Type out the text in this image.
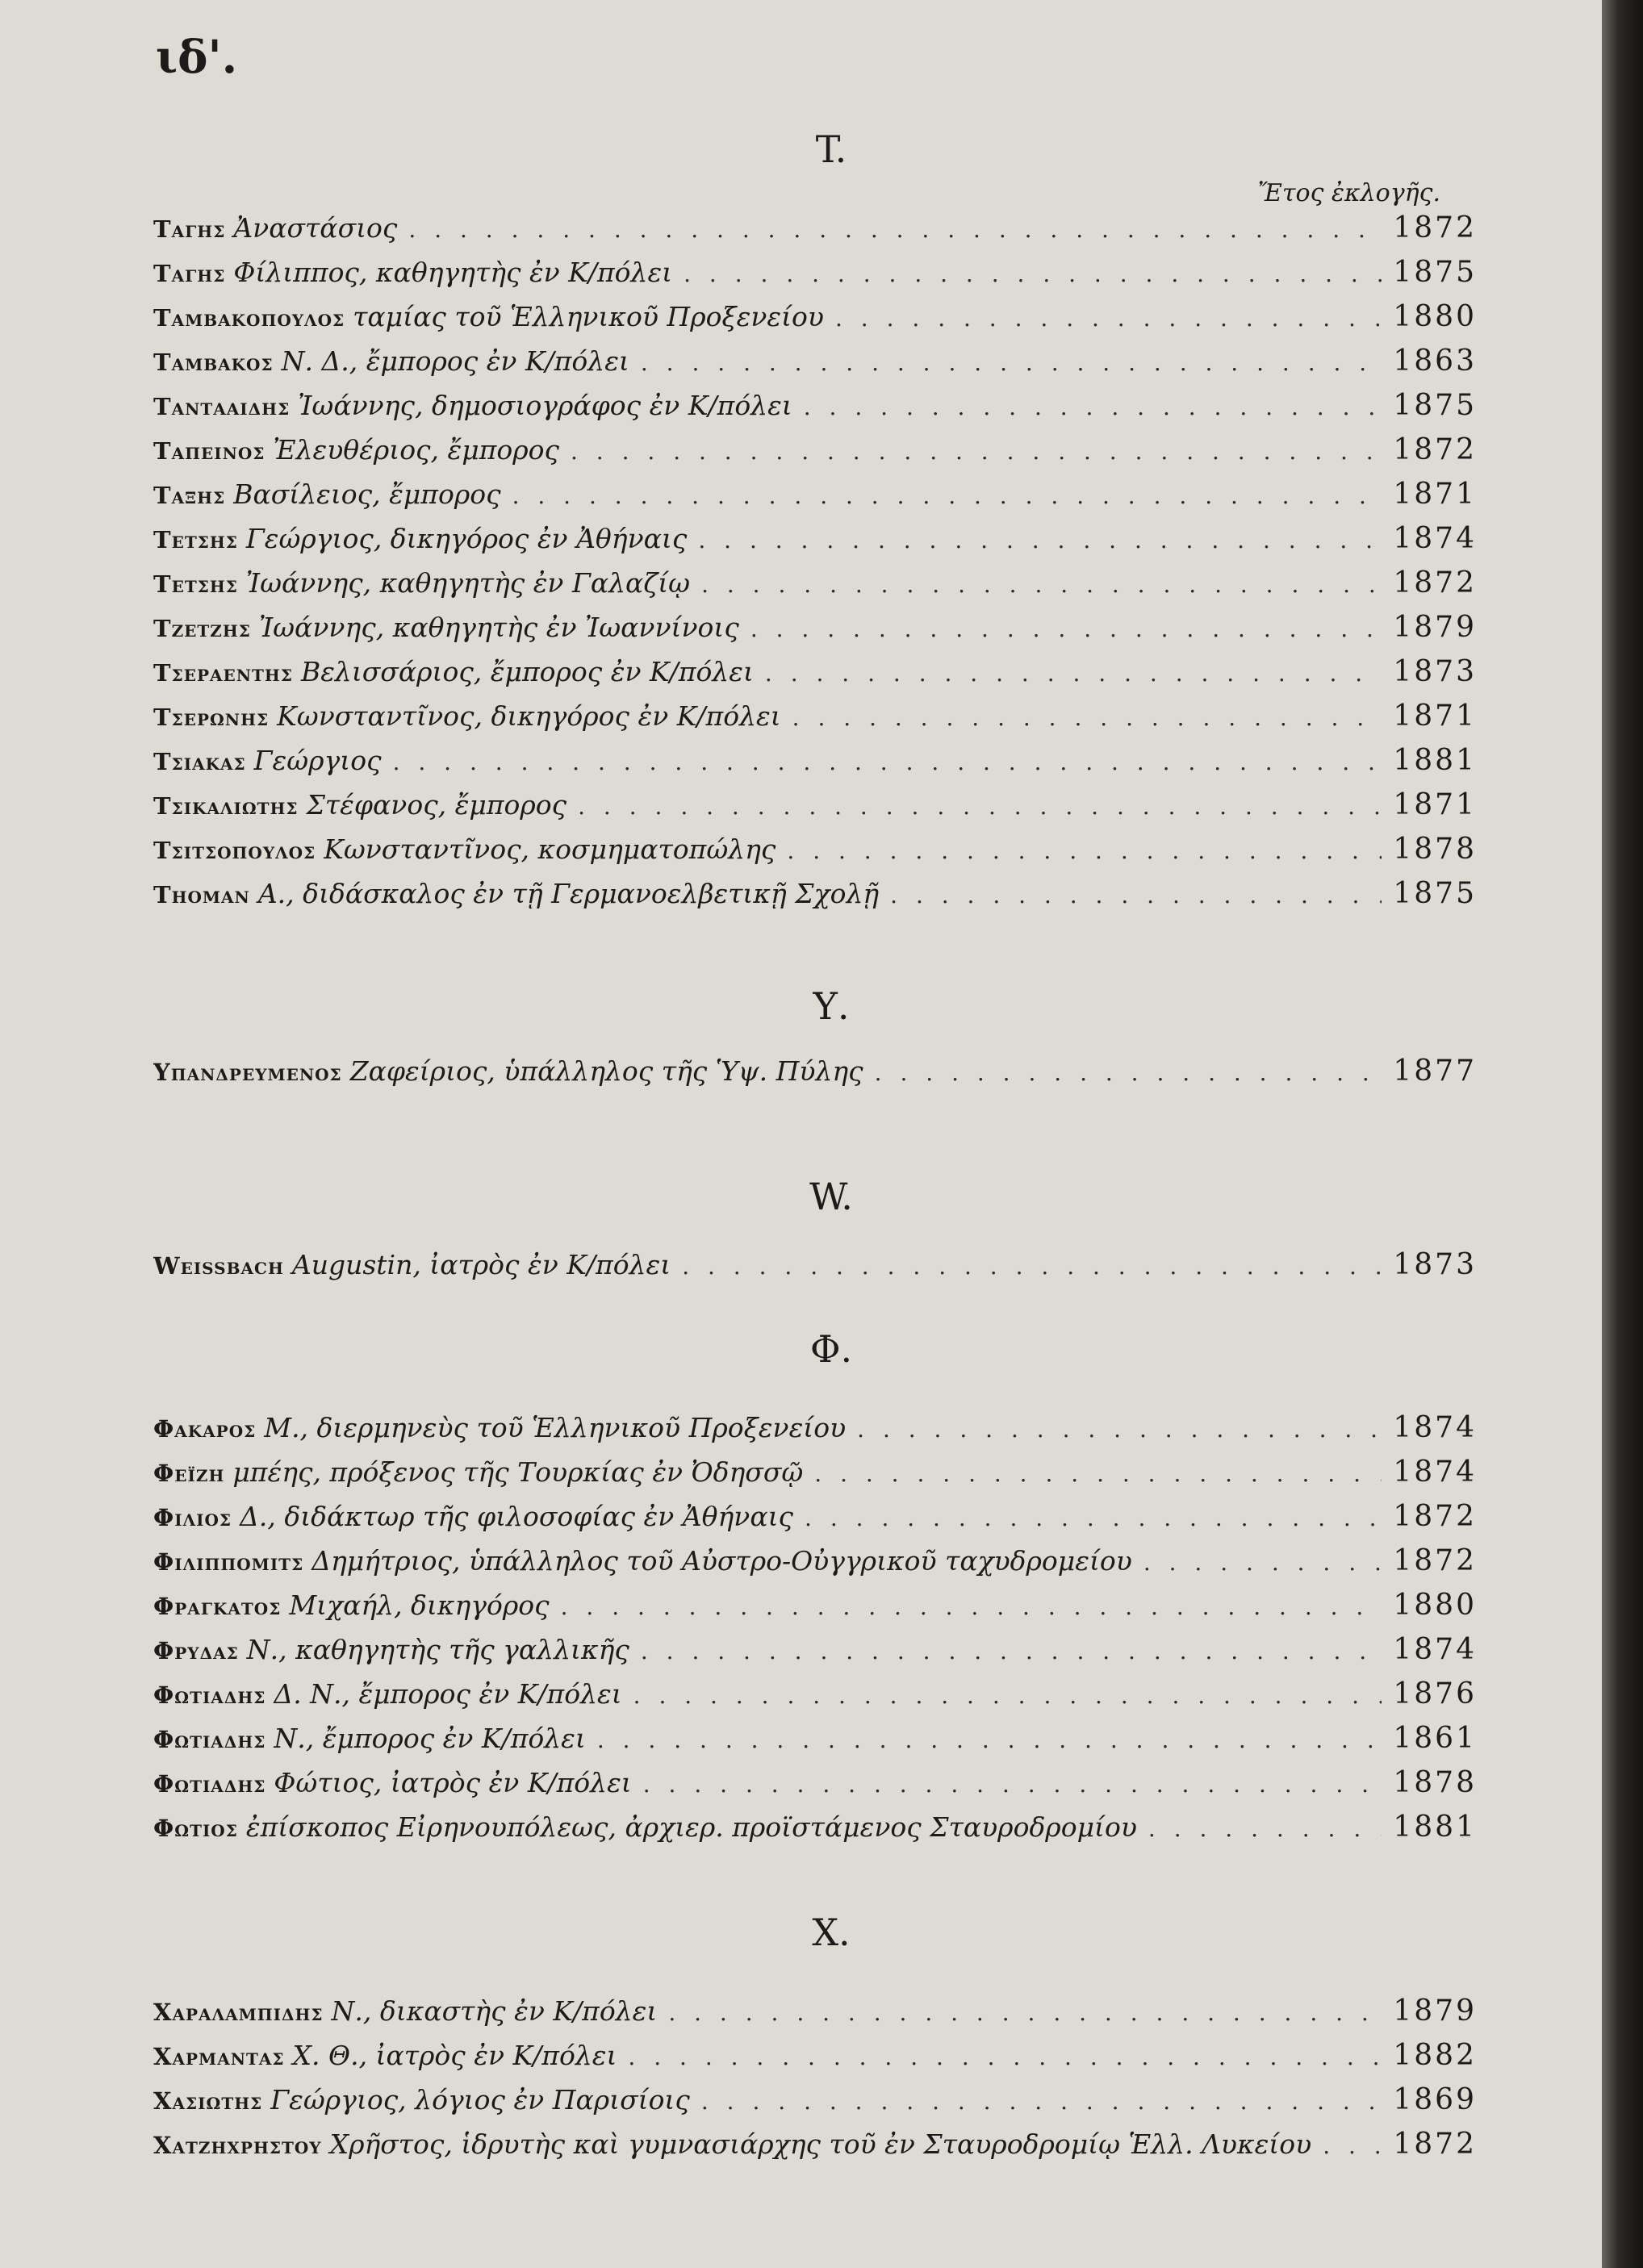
ιδ'.
Ἔτος ἐκλογῆς.
T.
Ταγης Ἀναστάσιος . . .	1872
Ταγης Φίλιππος, καθηγητὴς ἐν Κ/πόλει . . .	1875
Ταμβακοπουλος ταμίας τοῦ Ἑλληνικοῦ Προξενείου . . .	1880
Ταμβακος Ν. Δ., ἔμπορος ἐν Κ/πόλει . . .	1863
Ταντααιδης Ἰωάννης, δημοσιογράφος ἐν Κ/πόλει . . .	1875
Ταπεινος Ἐλευθέριος, ἔμπορος . . .	1872
Ταξης Βασίλειος, ἔμπορος . . .	1871
Τετσης Γεώργιος, δικηγόρος ἐν Ἀθήναις . . .	1874
Τετσης Ἰωάννης, καθηγητὴς ἐν Γαλαζίῳ . . .	1872
Τζετζης Ἰωάννης, καθηγητὴς ἐν Ἰωαννίνοις . . .	1879
Τσεραεντης Βελισσάριος, ἔμπορος ἐν Κ/πόλει . . .	1873
Τσερωνης Κωνσταντῖνος, δικηγόρος ἐν Κ/πόλει . . .	1871
Τσιακας Γεώργιος . . .	1881
Τσικαλιωτης Στέφανος, ἔμπορος . . .	1871
Τσιτσοπουλος Κωνσταντῖνος, κοσμηματοπώλης . . .	1878
Thoman A., διδάσκαλος ἐν τῇ Γερμανοελβετικῇ Σχολῇ . . .	1875
Υ.
Υπανδρευμενος Ζαφείριος, ὑπάλληλος τῆς Ὑψ. Πύλης . . .	1877
W.
Weissbach Augustin, ἰατρὸς ἐν Κ/πόλει . . .	1873
Φ.
Φακαρος Μ., διερμηνεὺς τοῦ Ἑλληνικοῦ Προξενείου . . .	1874
Φεϊζη μπέης, πρόξενος τῆς Τουρκίας ἐν Ὀδησσῷ . . .	1874
Φιλιος Δ., διδάκτωρ τῆς φιλοσοφίας ἐν Ἀθήναις . . .	1872
Φιλιππομιτς Δημήτριος, ὑπάλληλος τοῦ Αὐστρο-Οὐγγρικοῦ ταχυδρομείου . . .	1872
Φραγκατος Μιχαήλ, δικηγόρος . . .	1880
Φρυδας Ν., καθηγητὴς τῆς γαλλικῆς . . .	1874
Φωτιαδης Δ. Ν., ἔμπορος ἐν Κ/πόλει . . .	1876
Φωτιαδης Ν., ἔμπορος ἐν Κ/πόλει . . .	1861
Φωτιαδης Φώτιος, ἰατρὸς ἐν Κ/πόλει . . .	1878
Φωτιος ἐπίσκοπος Εἰρηνουπόλεως, ἀρχιερ. προϊστάμενος Σταυροδρομίου . . .	1881
X.
Χαραλαμπιδης Ν., δικαστὴς ἐν Κ/πόλει . . .	1879
Χαρμαντας Χ. Θ., ἰατρὸς ἐν Κ/πόλει . . .	1882
Χασιωτης Γεώργιος, λόγιος ἐν Παρισίοις . . .	1869
Χατζηχρηστου Χρῆστος, ἱδρυτὴς καὶ γυμνασιάρχης τοῦ ἐν Σταυροδρομίῳ Ἑλλ. Λυκείου . . .	1872
